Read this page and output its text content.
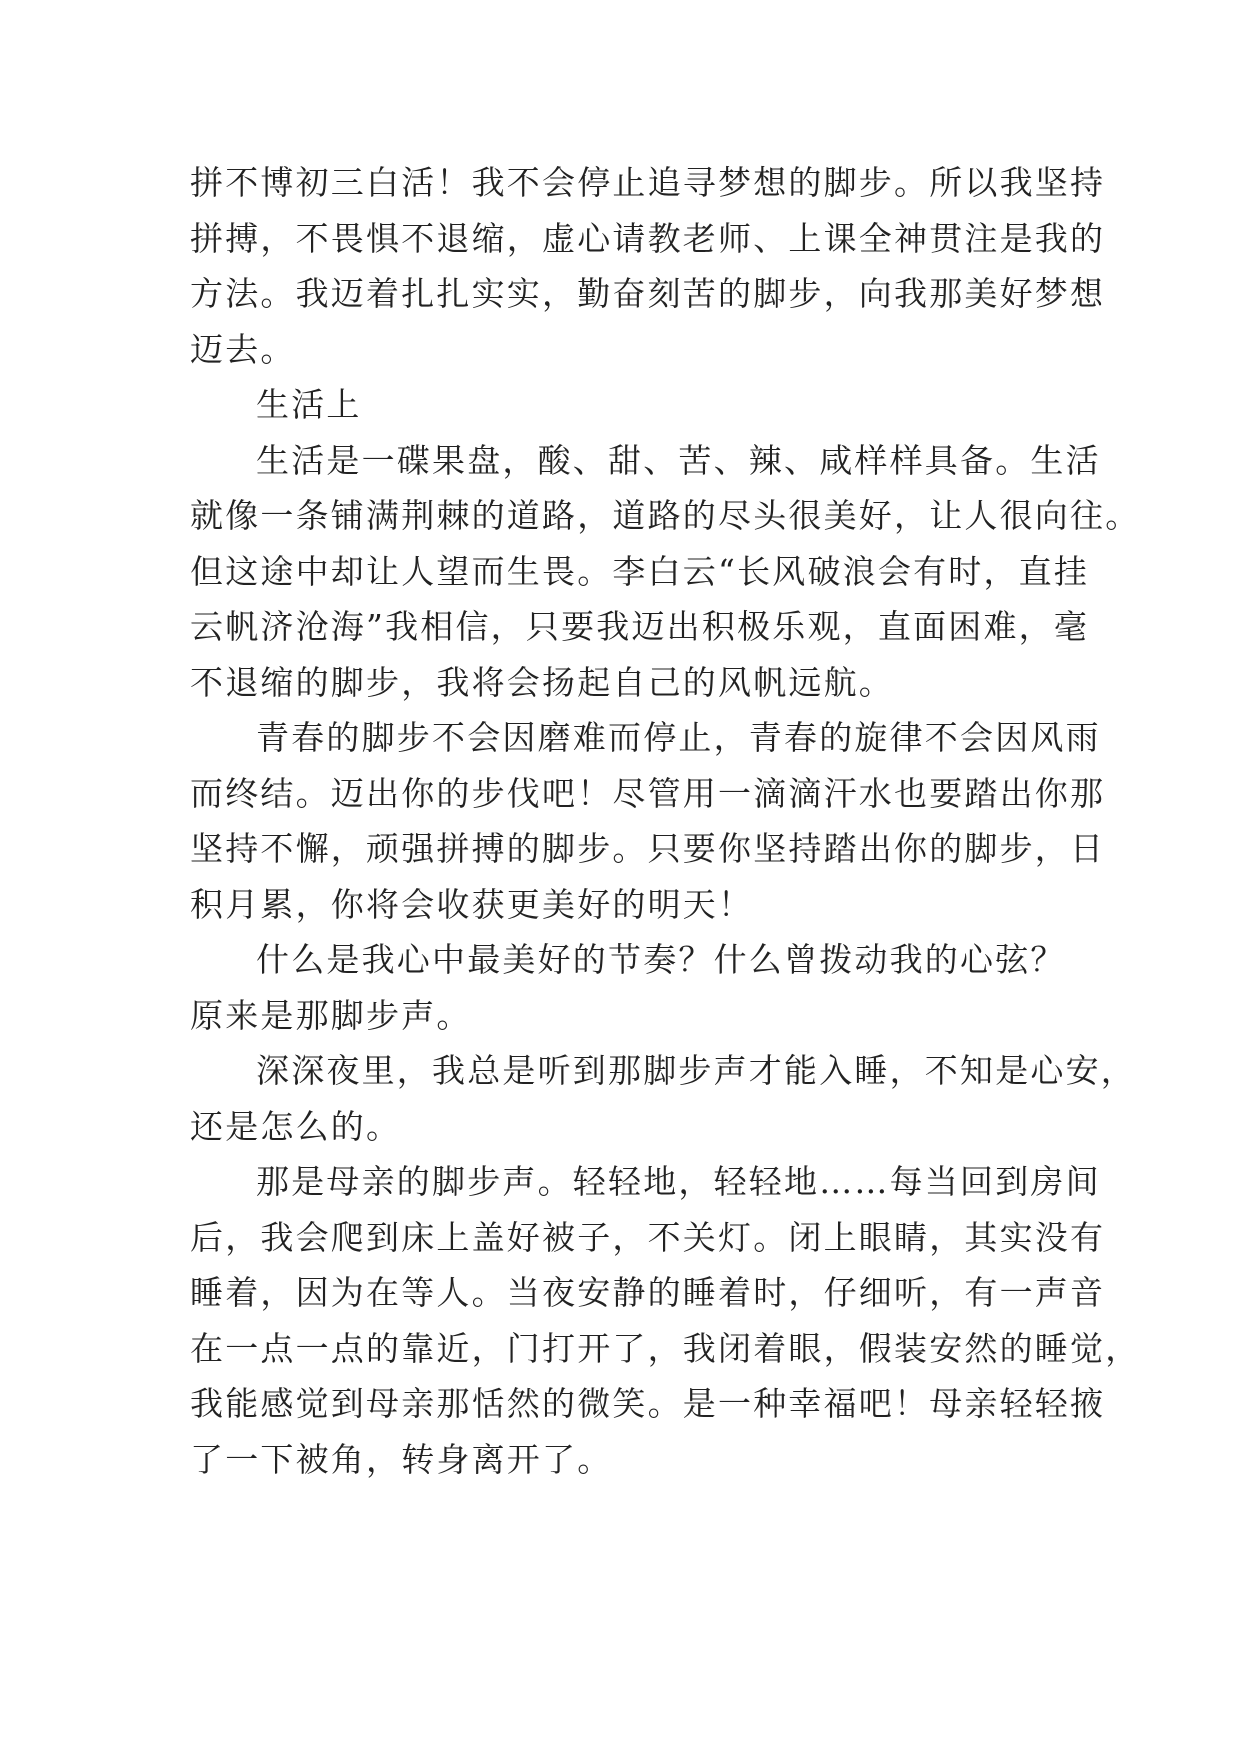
拼不博初三白活！我不会停止追寻梦想的脚步。所以我坚持
拼搏，不畏惧不退缩，虚心请教老师、上课全神贯注是我的
方法。我迈着扎扎实实，勤奋刻苦的脚步，向我那美好梦想
迈去。
生活上
生活是一碟果盘，酸、甜、苦、辣、咸样样具备。生活
就像一条铺满荆棘的道路，道路的尽头很美好，让人很向往。
但这途中却让人望而生畏。李白云“长风破浪会有时，直挂
云帆济沧海”我相信，只要我迈出积极乐观，直面困难，毫
不退缩的脚步，我将会扬起自己的风帆远航。
青春的脚步不会因磨难而停止，青春的旋律不会因风雨
而终结。迈出你的步伐吧！尽管用一滴滴汗水也要踏出你那
坚持不懈，顽强拼搏的脚步。只要你坚持踏出你的脚步，日
积月累，你将会收获更美好的明天！
什么是我心中最美好的节奏？什么曾拨动我的心弦？
原来是那脚步声。
深深夜里，我总是听到那脚步声才能入睡，不知是心安，
还是怎么的。
那是母亲的脚步声。轻轻地，轻轻地……每当回到房间
后，我会爬到床上盖好被子，不关灯。闭上眼睛，其实没有
睡着，因为在等人。当夜安静的睡着时，仔细听，有一声音
在一点一点的靠近，门打开了，我闭着眼，假装安然的睡觉，
我能感觉到母亲那恬然的微笑。是一种幸福吧！母亲轻轻掖
了一下被角，转身离开了。
